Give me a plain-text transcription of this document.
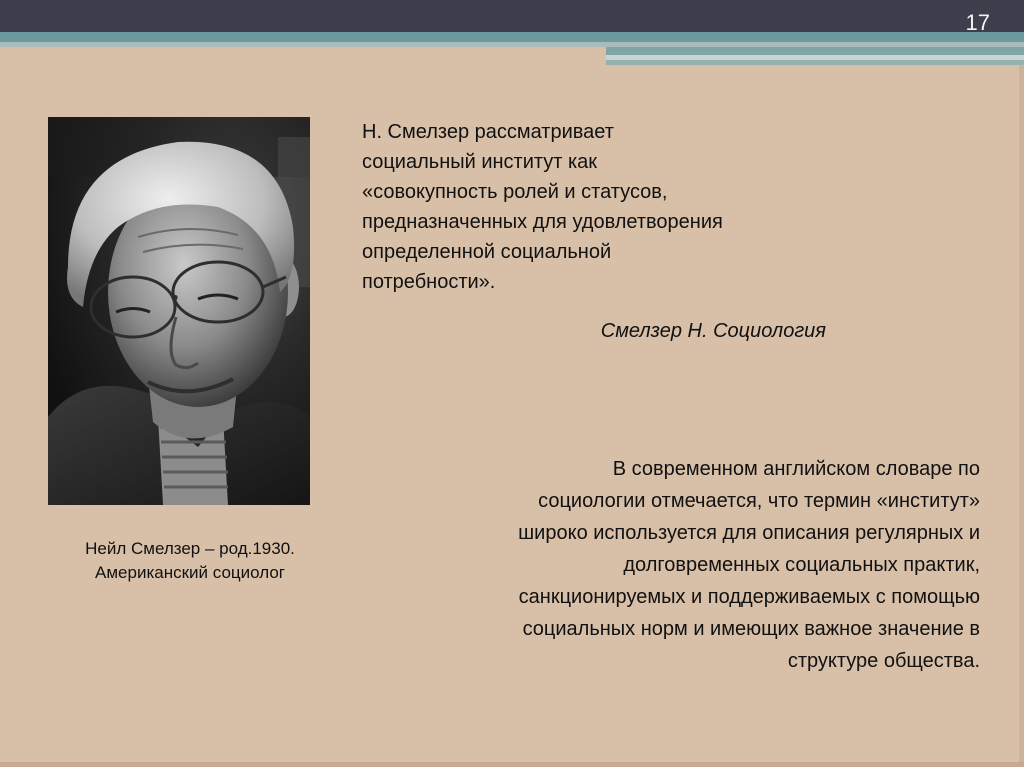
17
Нейл Смелзер – род.1930.
Американский социолог
Н. Смелзер рассматривает
социальный институт как
«совокупность ролей и статусов,
предназначенных для удовлетворения
определенной социальной
потребности».
Смелзер Н. Социология
В современном английском словаре по
социологии отмечается, что термин «институт»
широко используется для описания регулярных и
долговременных социальных практик,
санкционируемых и поддерживаемых с помощью
социальных норм и имеющих важное значение в
структуре общества.
